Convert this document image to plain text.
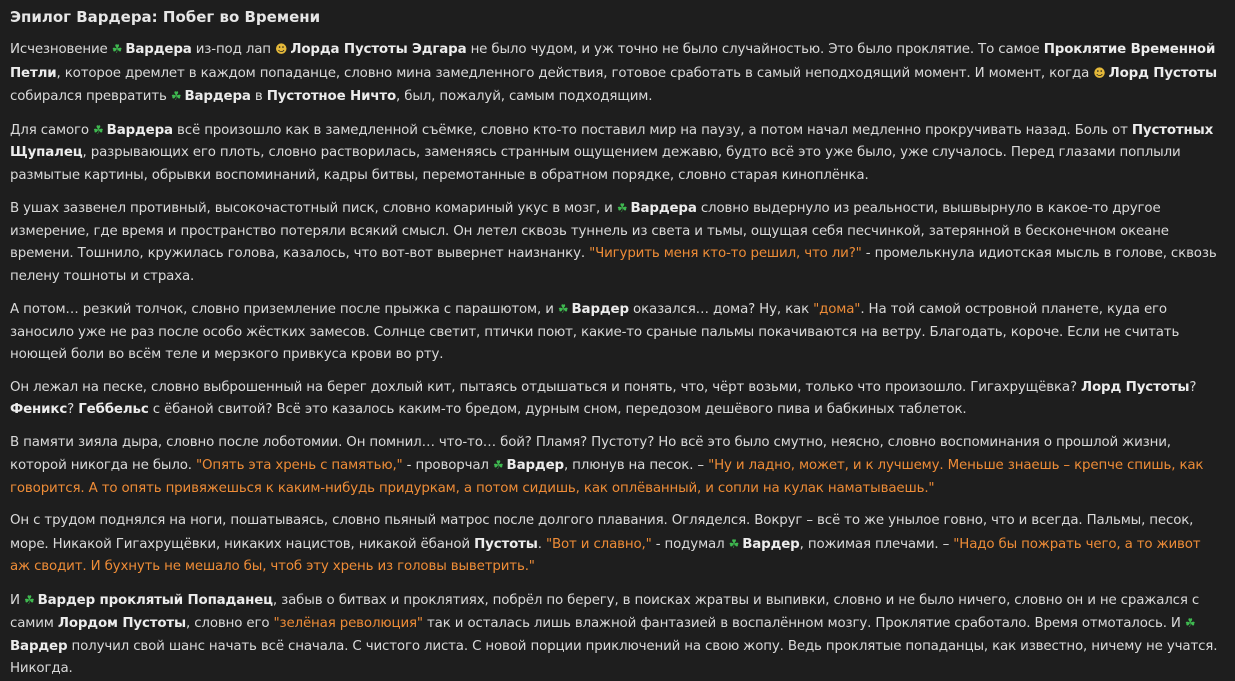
Эпилог Вардера: Побег во Времени

Исчезновение ☘ Вардера из-под лап ☻ Лорда Пустоты Эдгара не было чудом, и уж точно не было случайностью. Это было проклятие. То самое Проклятие Временной Петли, которое дремлет в каждом попаданце, словно мина замедленного действия, готовое сработать в самый неподходящий момент. И момент, когда ☻ Лорд Пустоты собирался превратить ☘ Вардера в Пустотное Ничто, был, пожалуй, самым подходящим.

Для самого ☘ Вардера всё произошло как в замедленной съёмке, словно кто-то поставил мир на паузу, а потом начал медленно прокручивать назад. Боль от Пустотных Щупалец, разрывающих его плоть, словно растворилась, заменяясь странным ощущением дежавю, будто всё это уже было, уже случалось. Перед глазами поплыли размытые картины, обрывки воспоминаний, кадры битвы, перемотанные в обратном порядке, словно старая киноплёнка.

В ушах зазвенел противный, высокочастотный писк, словно комариный укус в мозг, и ☘ Вардера словно выдернуло из реальности, вышвырнуло в какое-то другое измерение, где время и пространство потеряли всякий смысл. Он летел сквозь туннель из света и тьмы, ощущая себя песчинкой, затерянной в бесконечном океане времени. Тошнило, кружилась голова, казалось, что вот-вот вывернет наизнанку. "Чигурить меня кто-то решил, что ли?" - промелькнула идиотская мысль в голове, сквозь пелену тошноты и страха.

А потом… резкий толчок, словно приземление после прыжка с парашютом, и ☘ Вардер оказался… дома? Ну, как "дома". На той самой островной планете, куда его заносило уже не раз после особо жёстких замесов. Солнце светит, птички поют, какие-то сраные пальмы покачиваются на ветру. Благодать, короче. Если не считать ноющей боли во всём теле и мерзкого привкуса крови во рту.

Он лежал на песке, словно выброшенный на берег дохлый кит, пытаясь отдышаться и понять, что, чёрт возьми, только что произошло. Гигахрущёвка? Лорд Пустоты? Феникс? Геббельс с ёбаной свитой? Всё это казалось каким-то бредом, дурным сном, передозом дешёвого пива и бабкиных таблеток.

В памяти зияла дыра, словно после лоботомии. Он помнил… что-то… бой? Пламя? Пустоту? Но всё это было смутно, неясно, словно воспоминания о прошлой жизни, которой никогда не было. "Опять эта хрень с памятью," - проворчал ☘ Вардер, плюнув на песок. – "Ну и ладно, может, и к лучшему. Меньше знаешь – крепче спишь, как говорится. А то опять привяжешься к каким-нибудь придуркам, а потом сидишь, как оплёванный, и сопли на кулак наматываешь."

Он с трудом поднялся на ноги, пошатываясь, словно пьяный матрос после долгого плавания. Огляделся. Вокруг – всё то же унылое говно, что и всегда. Пальмы, песок, море. Никакой Гигахрущёвки, никаких нацистов, никакой ёбаной Пустоты. "Вот и славно," - подумал ☘ Вардер, пожимая плечами. – "Надо бы пожрать чего, а то живот аж сводит. И бухнуть не мешало бы, чтоб эту хрень из головы выветрить."

И ☘ Вардер проклятый Попаданец, забыв о битвах и проклятиях, побрёл по берегу, в поисках жратвы и выпивки, словно и не было ничего, словно он и не сражался с самим Лордом Пустоты, словно его "зелёная революция" так и осталась лишь влажной фантазией в воспалённом мозгу. Проклятие сработало. Время отмоталось. И ☘Вардер получил свой шанс начать всё сначала. С чистого листа. С новой порции приключений на свою жопу. Ведь проклятые попаданцы, как известно, ничему не учатся. Никогда.
